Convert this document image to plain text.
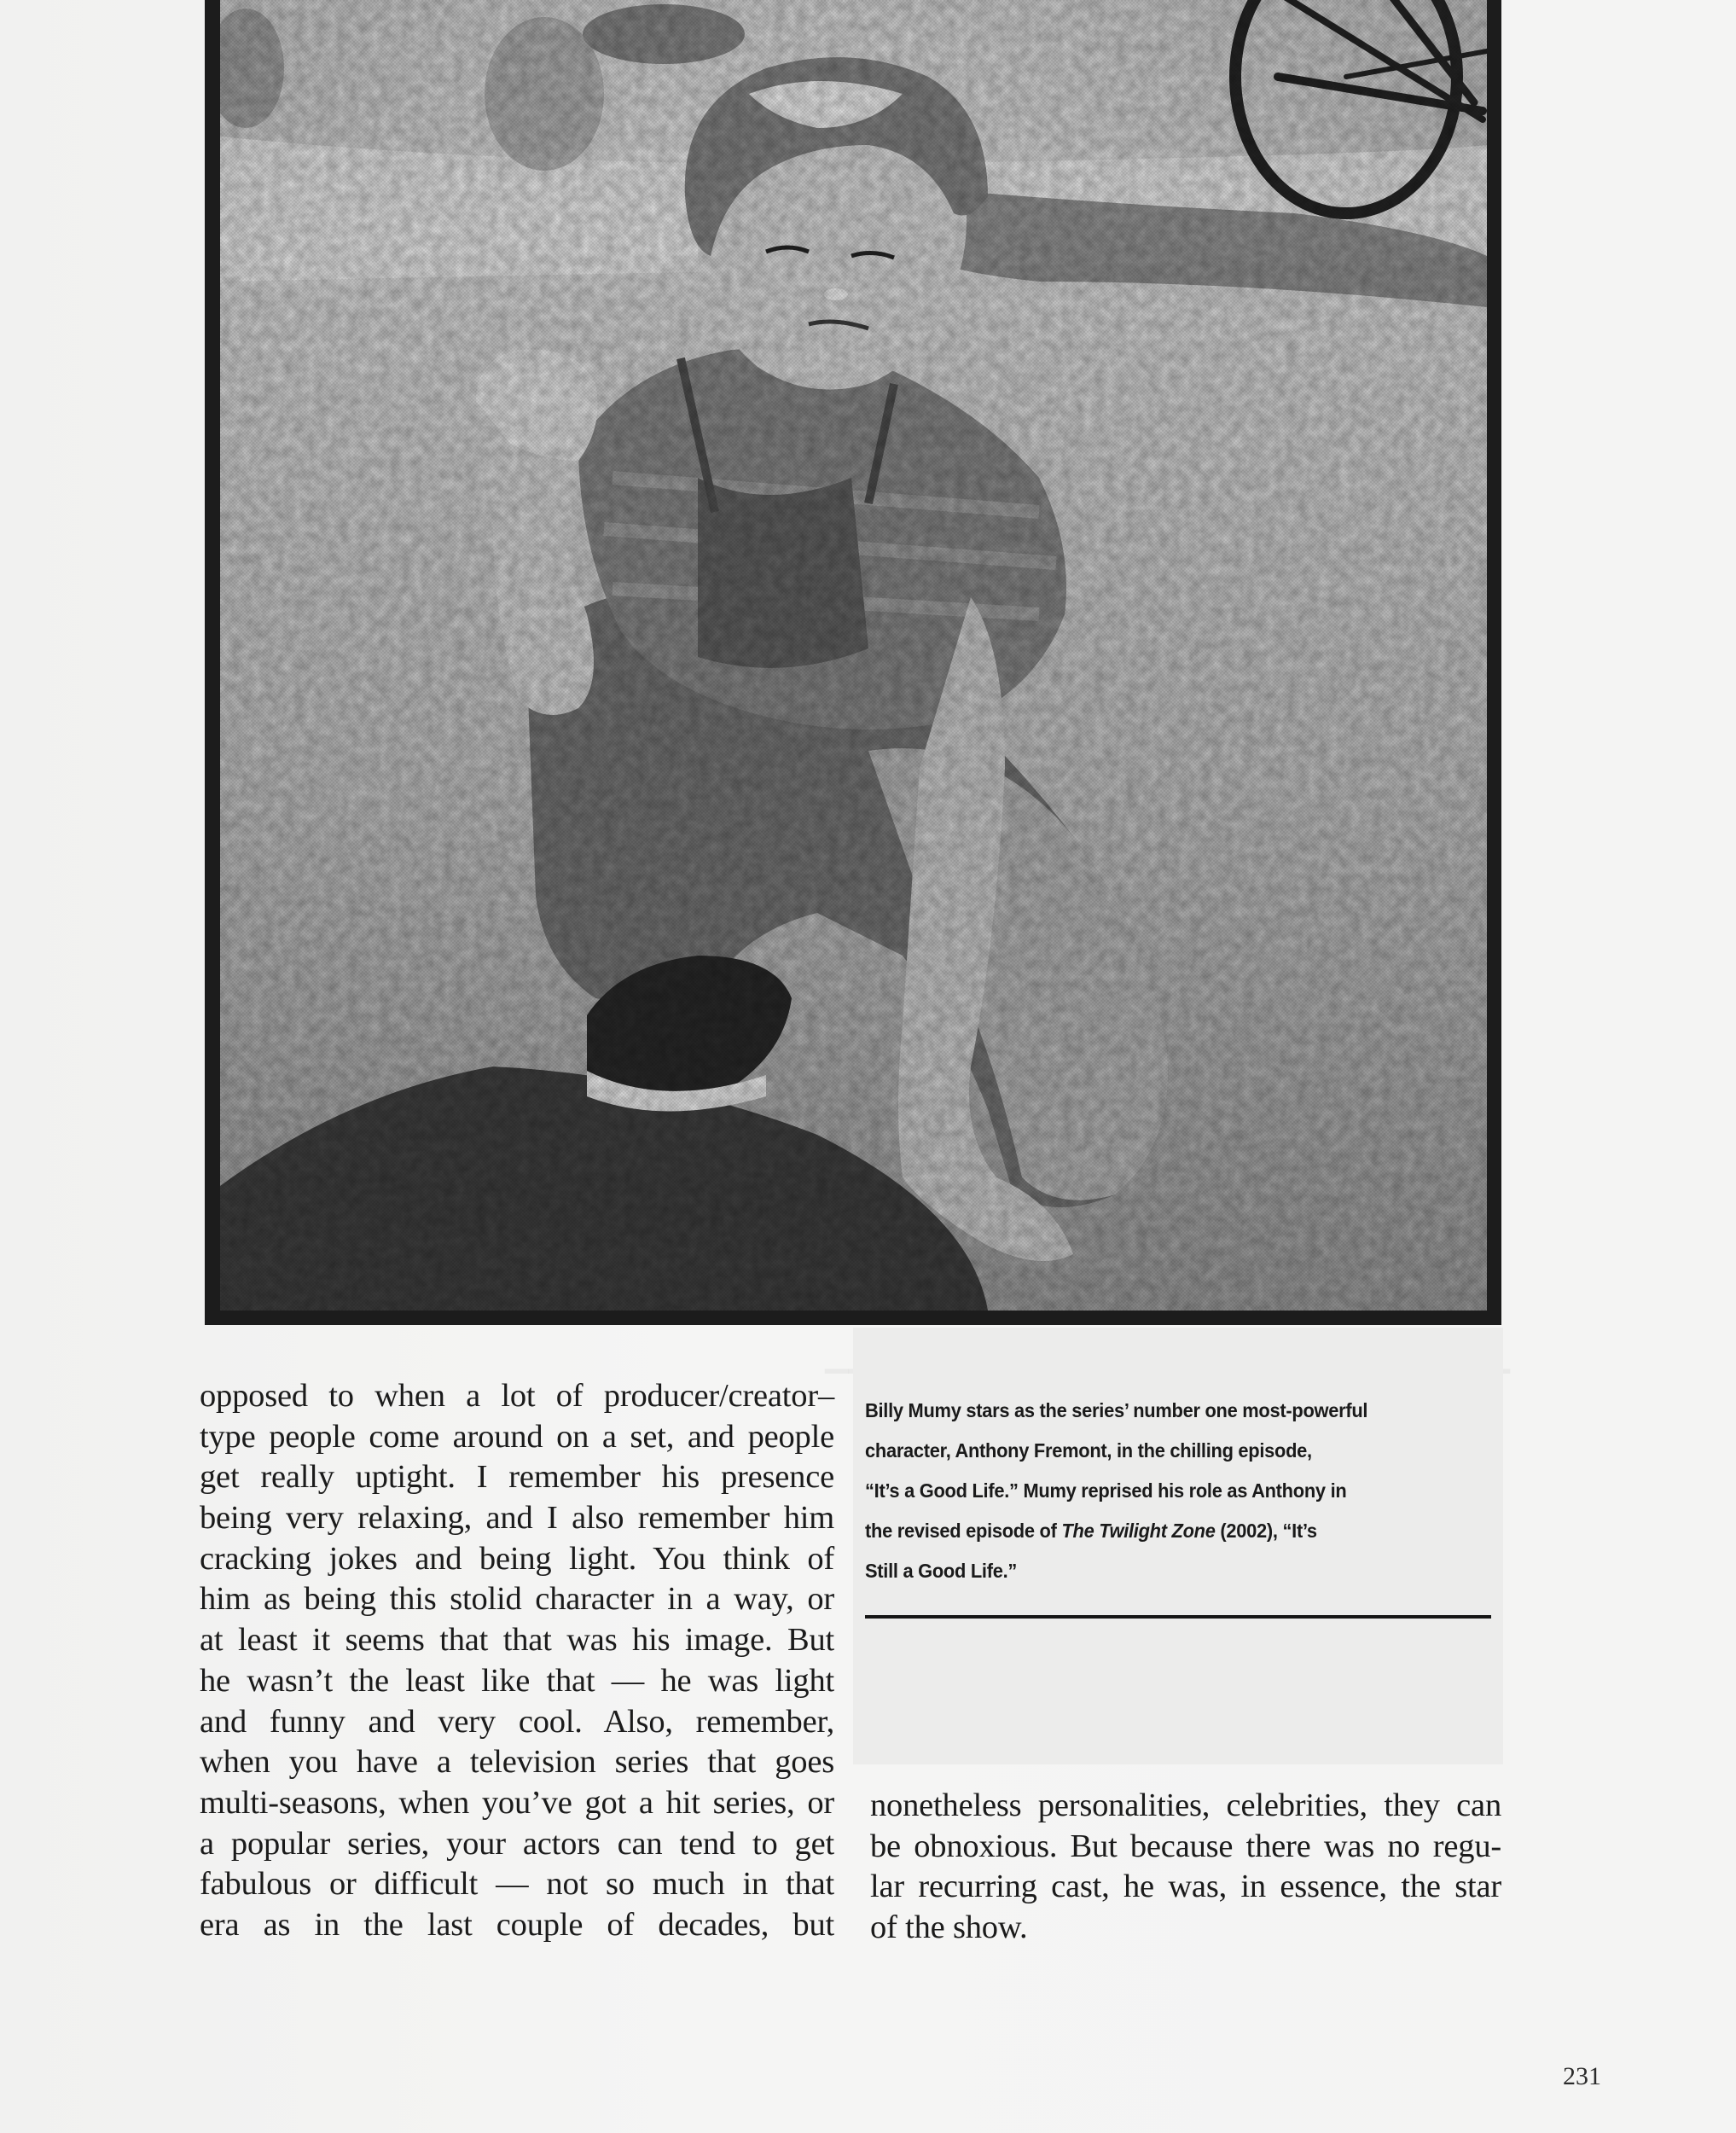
Billy Mumy stars as the series’ number one most-powerful
character, Anthony Fremont, in the chilling episode,
“It’s a Good Life.” Mumy reprised his role as Anthony in
the revised episode of The Twilight Zone (2002), “It’s
Still a Good Life.”
opposed to when a lot of producer/creator–
type people come around on a set, and people
get really uptight. I remember his presence
being very relaxing, and I also remember him
cracking jokes and being light. You think of
him as being this stolid character in a way, or
at least it seems that that was his image. But
he wasn’t the least like that — he was light
and funny and very cool. Also, remember,
when you have a television series that goes
multi-seasons, when you’ve got a hit series, or
a popular series, your actors can tend to get
fabulous or difficult — not so much in that
era as in the last couple of decades, but
nonetheless personalities, celebrities, they can
be obnoxious. But because there was no regu-
lar recurring cast, he was, in essence, the star
of the show.
231
